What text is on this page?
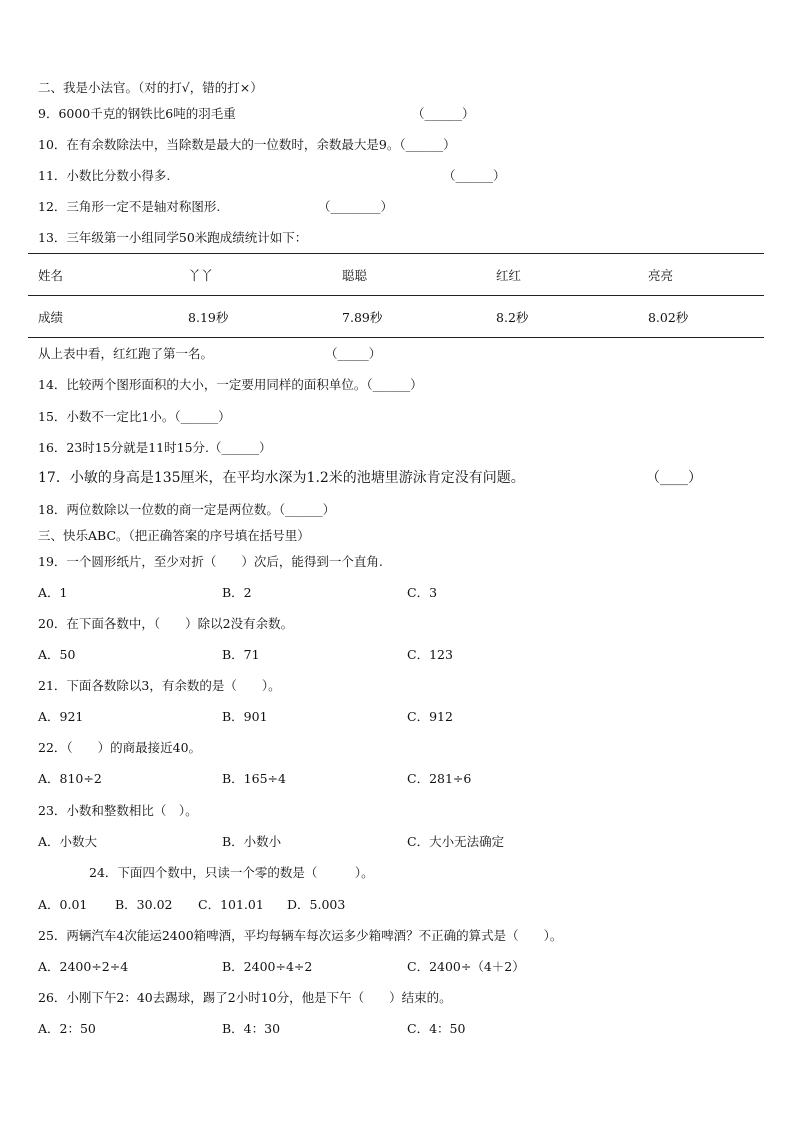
二、我是小法官。（对的打√，错的打×）
9．6000千克的钢铁比6吨的羽毛重	（______）
10．在有余数除法中，当除数是最大的一位数时，余数最大是9。（______）
11．小数比分数小得多.	（______）
12．三角形一定不是轴对称图形.	（________）
13．三年级第一小组同学50米跑成绩统计如下：
姓名	丫丫	聪聪	红红	亮亮
成绩	8.19秒	7.89秒	8.2秒	8.02秒
从上表中看，红红跑了第一名。	（_____）
14．比较两个图形面积的大小，一定要用同样的面积单位。（______）
15．小数不一定比1小。（______）
16．23时15分就是11时15分.（______）
17．小敏的身高是135厘米，在平均水深为1.2米的池塘里游泳肯定没有问题。	（____）
18．两位数除以一位数的商一定是两位数。（______）
三、快乐ABC。（把正确答案的序号填在括号里）
19．一个圆形纸片，至少对折（　　）次后，能得到一个直角.
A．1	B．2	C．3
20．在下面各数中，（　　）除以2没有余数。
A．50	B．71	C．123
21．下面各数除以3，有余数的是（　　）。
A．921	B．901	C．912
22．（　　）的商最接近40。
A．810÷2	B．165÷4	C．281÷6
23．小数和整数相比（　）。
A．小数大	B．小数小	C．大小无法确定
24．下面四个数中，只读一个零的数是（　　　）。
A．0.01 B．30.02 C．101.01 D．5.003
25．两辆汽车4次能运2400箱啤酒，平均每辆车每次运多少箱啤酒？不正确的算式是（　　）。
A．2400÷2÷4	B．2400÷4÷2	C．2400÷（4＋2）
26．小刚下午2：40去踢球，踢了2小时10分，他是下午（　　）结束的。
A．2：50	B．4：30	C．4：50
